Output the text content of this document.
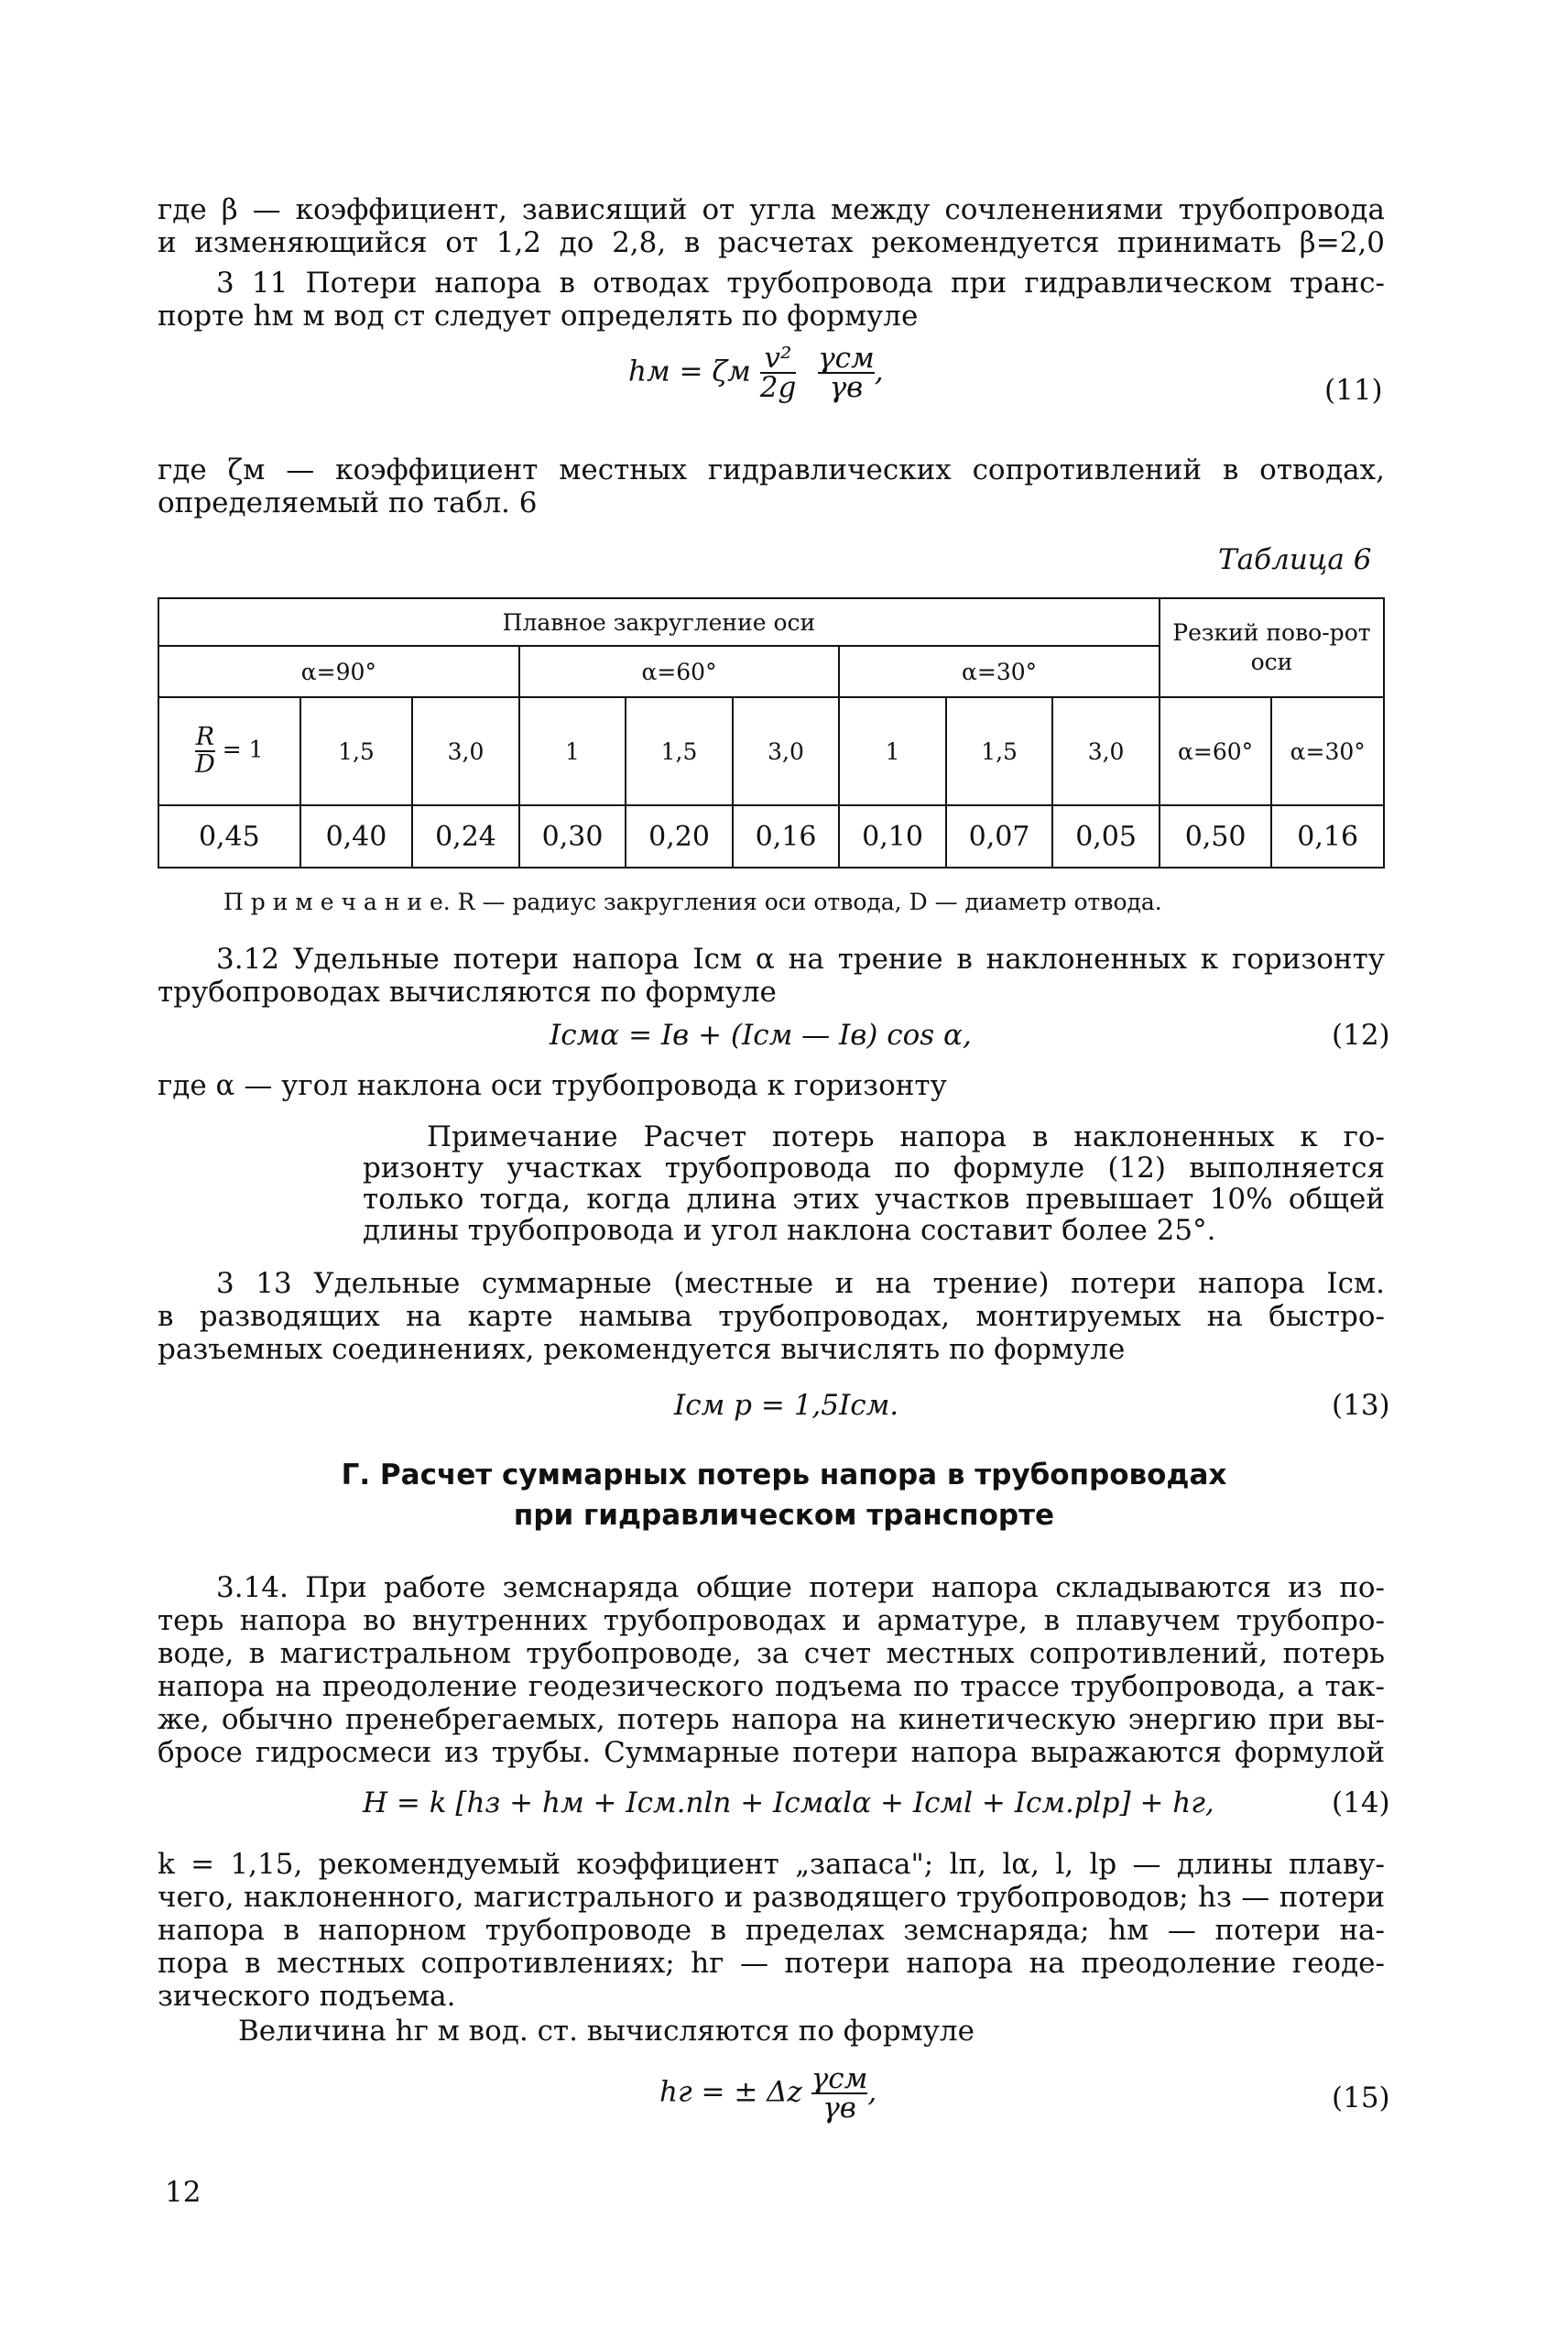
где β — коэффициент, зависящий от угла между сочленениями трубопровода
и изменяющийся от 1,2 до 2,8, в расчетах рекомендуется принимать β=2,0
3 11 Потери напора в отводах трубопровода при гидравлическом транс-
порте hм м вод ст следует определять по формуле
hм = ζм $\frac{\text{v²}}{2g}$
$\frac{\text{γсм}}{\gamma в}$ ,
(11)
где ζм — коэффициент местных гидравлических сопротивлений в отводах,
определяемый по табл. 6
Таблица 6
Плавное закругление оси									Резкий пово-рот оси	
α=90°			α=60°			α=30°				

$\frac{R}{D} = 1$	1,5	3,0	1	1,5	3,0	1	1,5	3,0	α=60°	α=30°
0,45	0,40	0,24	0,30	0,20	0,16	0,10	0,07	0,05	0,50	0,16
П р и м е ч а н и е. R — радиус закругления оси отвода, D — диаметр отвода.
3.12 Удельные потери напора Iсм α на трение в наклоненных к горизонту
трубопроводах вычисляются по формуле
Iсмα = Iв + (Iсм — Iв) cos α,	(12)
где α — угол наклона оси трубопровода к горизонту
Примечание Расчет потерь напора в наклоненных к го-
ризонту участках трубопровода по формуле (12) выполняется
только тогда, когда длина этих участков превышает 10% общей
длины трубопровода и угол наклона составит более 25°.
3 13 Удельные суммарные (местные и на трение) потери напора Iсм.
в разводящих на карте намыва трубопроводах, монтируемых на быстро-
разъемных соединениях, рекомендуется вычислять по формуле
Iсм р = 1,5Iсм.	(13)
Г. Расчет суммарных потерь напора в трубопроводах
при гидравлическом транспорте
3.14. При работе земснаряда общие потери напора складываются из по-
терь напора во внутренних трубопроводах и арматуре, в плавучем трубопро-
воде, в магистральном трубопроводе, за счет местных сопротивлений, потерь
напора на преодоление геодезического подъема по трассе трубопровода, а так-
же, обычно пренебрегаемых, потерь напора на кинетическую энергию при вы-
бросе гидросмеси из трубы. Суммарные потери напора выражаются формулой
H = k [hз + hм + Iсм.пlп + Iсмαlα + Iсмl + Iсм.рlр] + hг,	(14)
k = 1,15, рекомендуемый коэффициент „запаса"; lп, lα, l, lр — длины плаву-
чего, наклоненного, магистрального и разводящего трубопроводов; hз — потери
напора в напорном трубопроводе в пределах земснаряда; hм — потери на-
пора в местных сопротивлениях; hг — потери напора на преодоление геоде-
зического подъема.
Величина hг м вод. ст. вычисляются по формуле
hг = ± Δz $\frac{\text{γсм}}{\gamma в}$ ,	(15)
12
